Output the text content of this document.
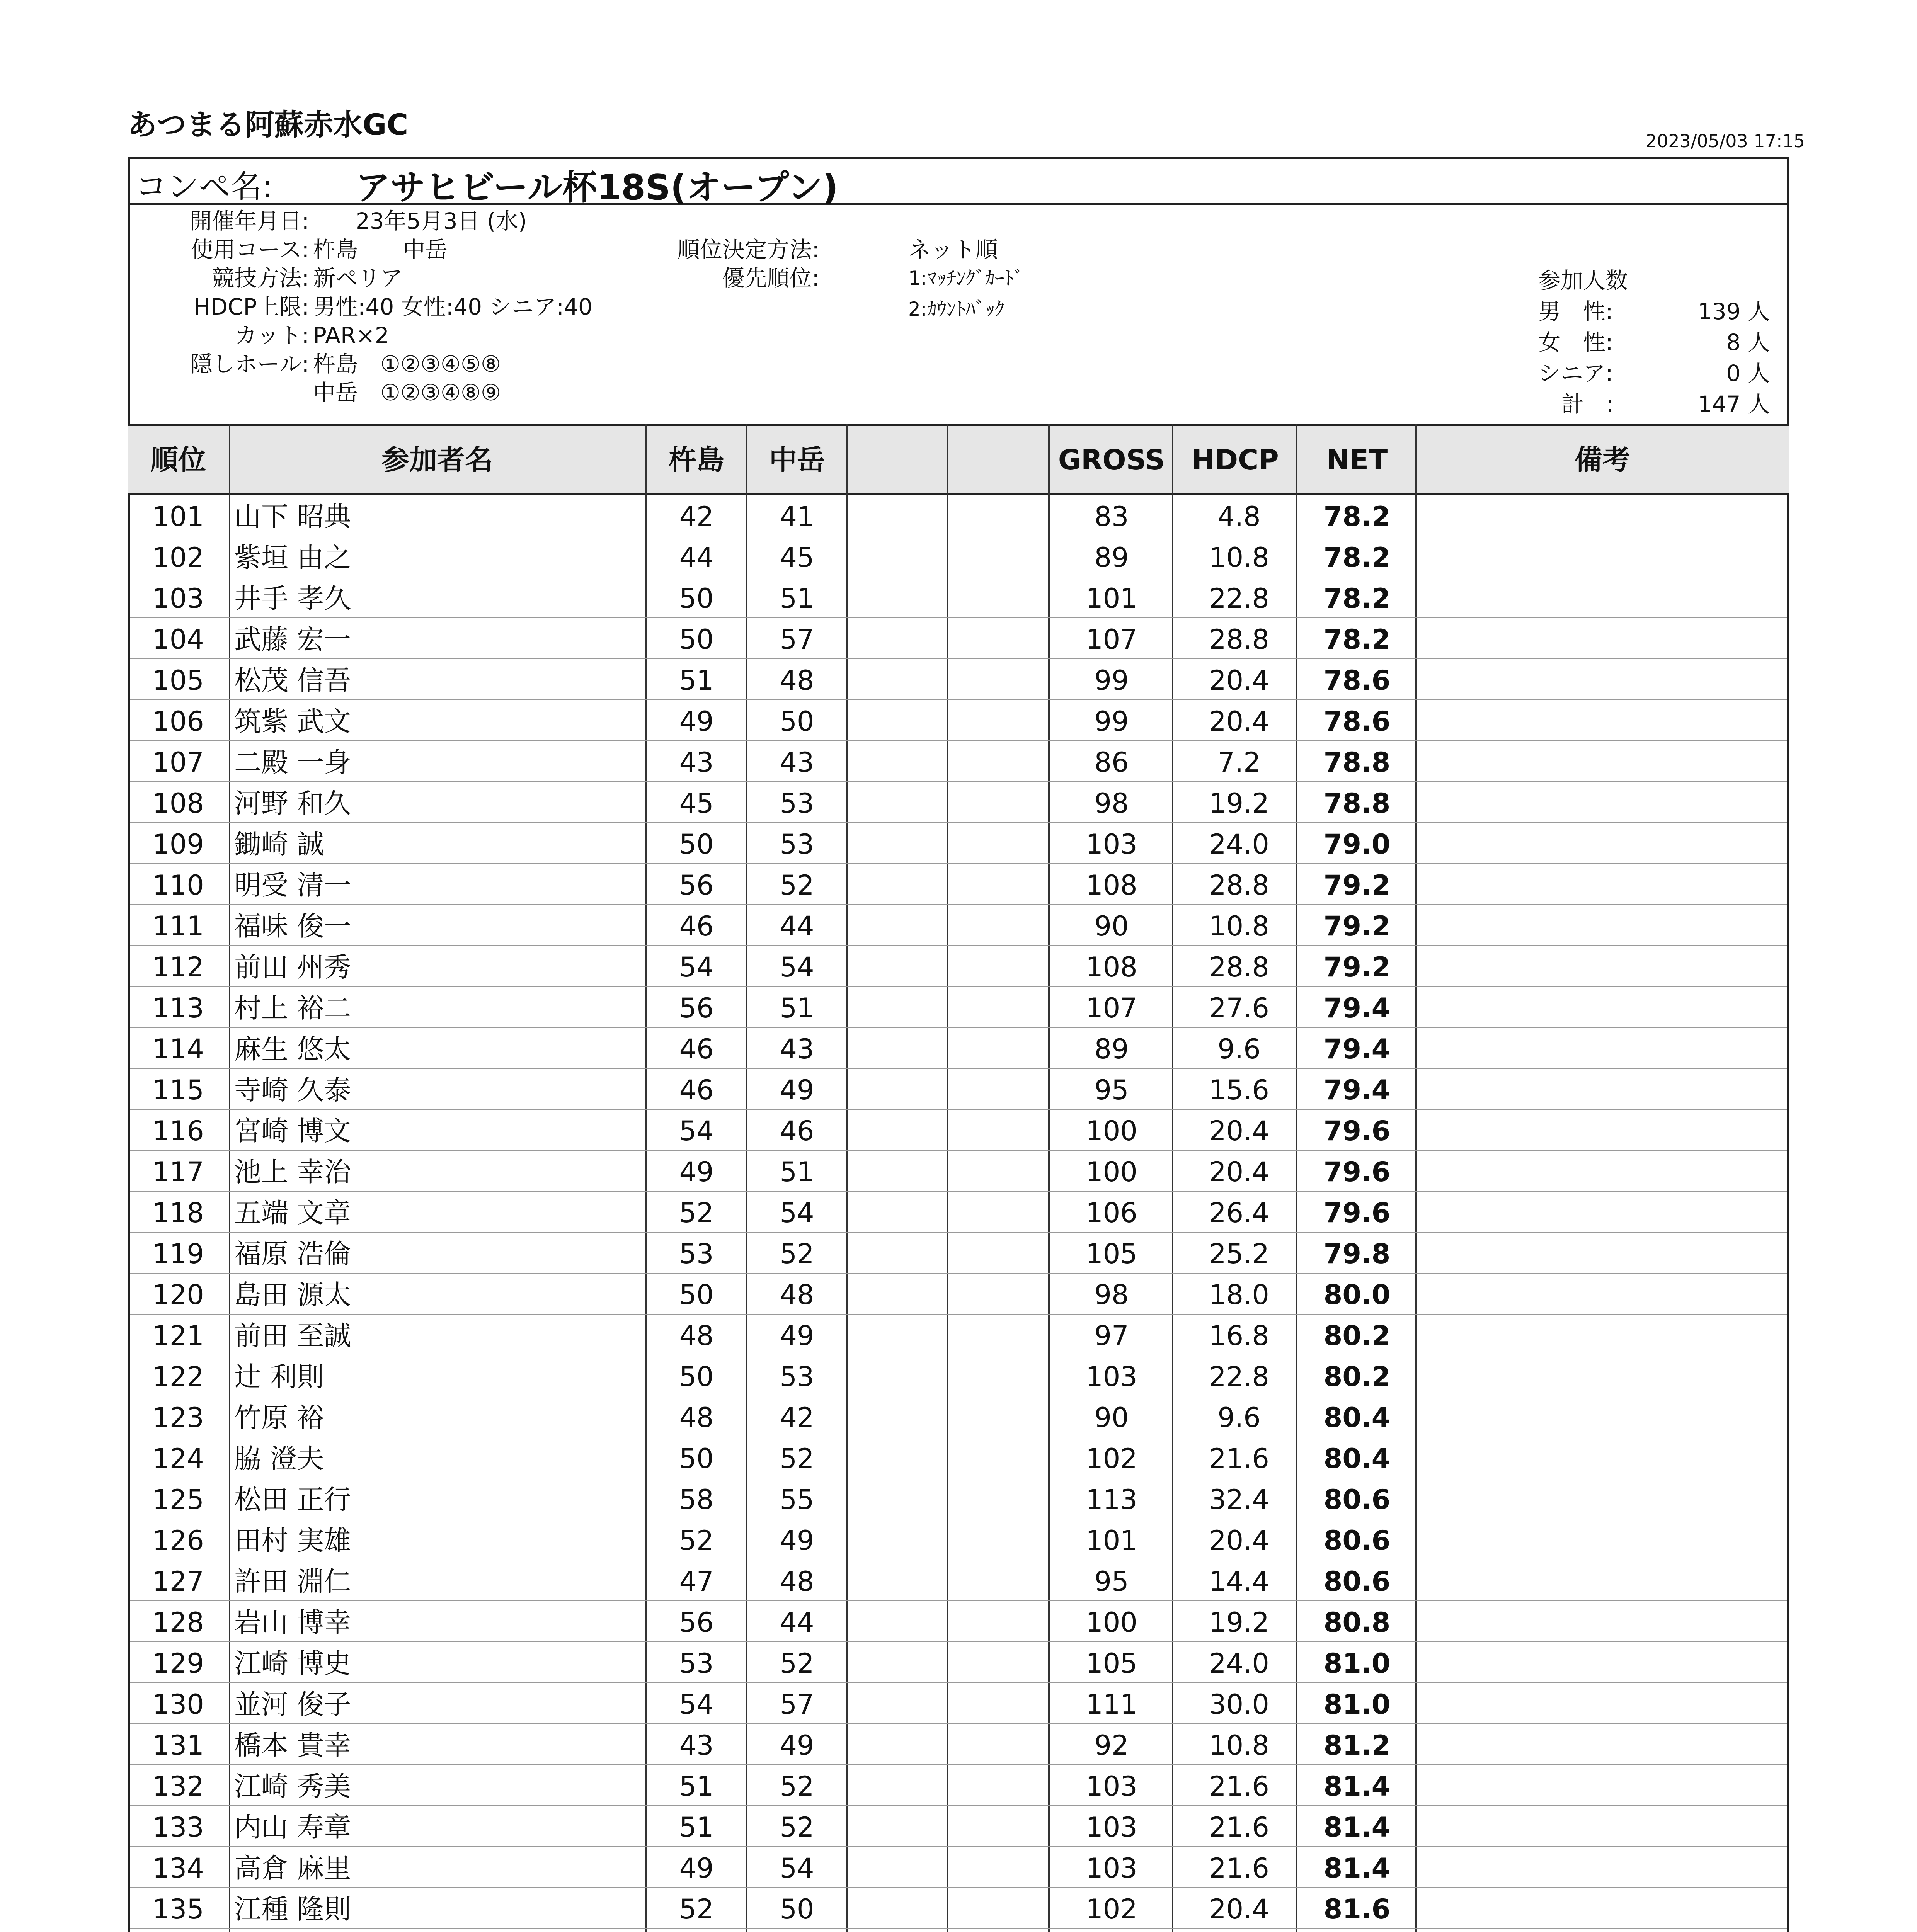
あつまる阿蘇赤水GC	2023/05/03 17:15
コンペ名: アサヒビール杯18S(オープン)
開催年月日: 23年5月3日 (水)
使用コース: 杵島　　中岳
競技方法: 新ペリア
HDCP上限: 男性:40 女性:40 シニア:40
カット: PAR×2
隠しホール: 杵島　①②③④⑤⑧
中岳　①②③④⑧⑨
順位決定方法:	ネット順
優先順位:	1:ﾏｯﾁﾝｸﾞｶｰﾄﾞ
2:ｶｳﾝﾄﾊﾞｯｸ
参加人数
男　性:	139 人
女　性:	8 人
シニア:	0 人
計　:	147 人
順位	参加者名	杵島	中岳	GROSS HDCP	NET	備考
101	山下 昭典	42	41	83	4.8	78.2
102	紫垣 由之	44	45	89	10.8	78.2
103	井手 孝久	50	51	101	22.8	78.2
104	武藤 宏一	50	57	107	28.8	78.2
105	松茂 信吾	51	48	99	20.4	78.6
106	筑紫 武文	49	50	99	20.4	78.6
107	二殿 一身	43	43	86	7.2	78.8
108	河野 和久	45	53	98	19.2	78.8
109	鋤崎 誠	50	53	103	24.0	79.0
110	明受 清一	56	52	108	28.8	79.2
111	福味 俊一	46	44	90	10.8	79.2
112	前田 州秀	54	54	108	28.8	79.2
113	村上 裕二	56	51	107	27.6	79.4
114	麻生 悠太	46	43	89	9.6	79.4
115	寺崎 久泰	46	49	95	15.6	79.4
116	宮崎 博文	54	46	100	20.4	79.6
117	池上 幸治	49	51	100	20.4	79.6
118	五端 文章	52	54	106	26.4	79.6
119	福原 浩倫	53	52	105	25.2	79.8
120	島田 源太	50	48	98	18.0	80.0
121	前田 至誠	48	49	97	16.8	80.2
122	辻 利則	50	53	103	22.8	80.2
123	竹原 裕	48	42	90	9.6	80.4
124	脇 澄夫	50	52	102	21.6	80.4
125	松田 正行	58	55	113	32.4	80.6
126	田村 実雄	52	49	101	20.4	80.6
127	許田 淵仁	47	48	95	14.4	80.6
128	岩山 博幸	56	44	100	19.2	80.8
129	江崎 博史	53	52	105	24.0	81.0
130	並河 俊子	54	57	111	30.0	81.0
131	橋本 貴幸	43	49	92	10.8	81.2
132	江崎 秀美	51	52	103	21.6	81.4
133	内山 寿章	51	52	103	21.6	81.4
134	高倉 麻里	49	54	103	21.6	81.4
135	江種 隆則	52	50	102	20.4	81.6
